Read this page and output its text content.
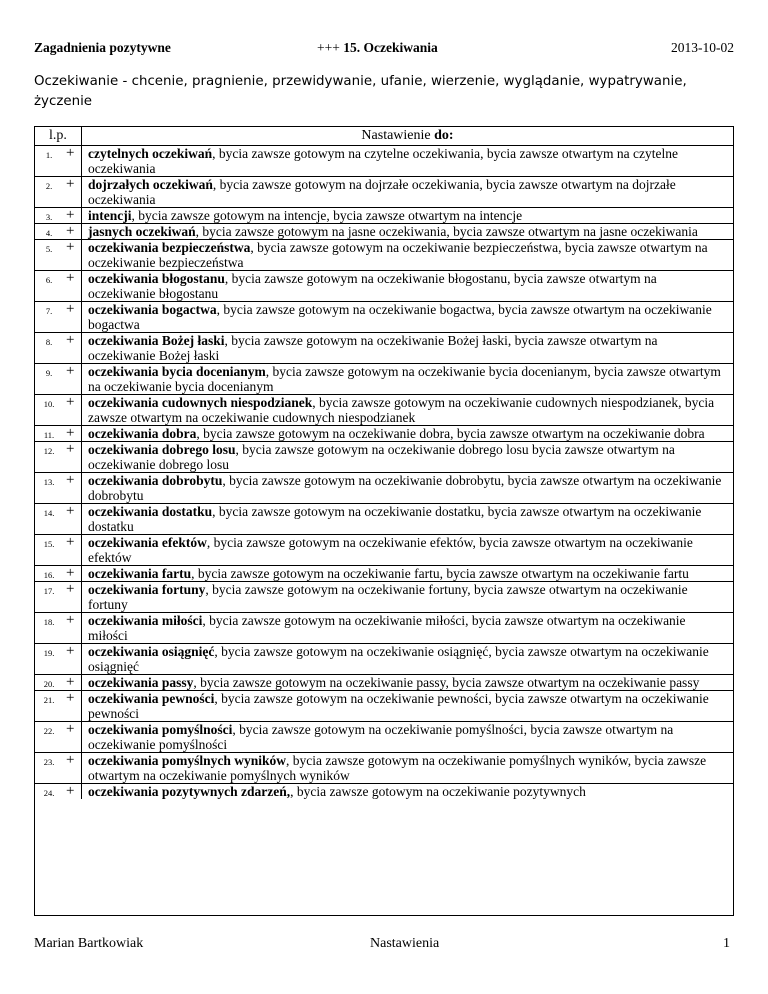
Zagadnienia pozytywne	+++ 15. Oczekiwania	2013-10-02
Oczekiwanie - chcenie, pragnienie, przewidywanie, ufanie, wierzenie, wyglądanie, wypatrywanie, życzenie
l.p.	Nastawienie do:
1. +	czytelnych oczekiwań, bycia zawsze gotowym na czytelne oczekiwania, bycia zawsze otwartym na czytelne oczekiwania
2. +	dojrzałych oczekiwań, bycia zawsze gotowym na dojrzałe oczekiwania, bycia zawsze otwartym na dojrzałe oczekiwania
3. +	intencji, bycia zawsze gotowym na intencje, bycia zawsze otwartym na intencje
4. +	jasnych oczekiwań, bycia zawsze gotowym na jasne oczekiwania, bycia zawsze otwartym na jasne oczekiwania
5. +	oczekiwania bezpieczeństwa, bycia zawsze gotowym na oczekiwanie bezpieczeństwa, bycia zawsze otwartym na oczekiwanie bezpieczeństwa
6. +	oczekiwania błogostanu, bycia zawsze gotowym na oczekiwanie błogostanu, bycia zawsze otwartym na oczekiwanie błogostanu
7. +	oczekiwania bogactwa, bycia zawsze gotowym na oczekiwanie bogactwa, bycia zawsze otwartym na oczekiwanie bogactwa
8. +	oczekiwania Bożej łaski, bycia zawsze gotowym na oczekiwanie Bożej łaski, bycia zawsze otwartym na oczekiwanie Bożej łaski
9. +	oczekiwania bycia docenianym, bycia zawsze gotowym na oczekiwanie bycia docenianym, bycia zawsze otwartym na oczekiwanie bycia docenianym
10. +	oczekiwania cudownych niespodzianek, bycia zawsze gotowym na oczekiwanie cudownych niespodzianek, bycia zawsze otwartym na oczekiwanie cudownych niespodzianek
11. +	oczekiwania dobra, bycia zawsze gotowym na oczekiwanie dobra, bycia zawsze otwartym na oczekiwanie dobra
12. +	oczekiwania dobrego losu, bycia zawsze gotowym na oczekiwanie dobrego losu bycia zawsze otwartym na oczekiwanie dobrego losu
13. +	oczekiwania dobrobytu, bycia zawsze gotowym na oczekiwanie dobrobytu, bycia zawsze otwartym na oczekiwanie dobrobytu
14. +	oczekiwania dostatku, bycia zawsze gotowym na oczekiwanie dostatku, bycia zawsze otwartym na oczekiwanie dostatku
15. +	oczekiwania efektów, bycia zawsze gotowym na oczekiwanie efektów, bycia zawsze otwartym na oczekiwanie efektów
16. +	oczekiwania fartu, bycia zawsze gotowym na oczekiwanie fartu, bycia zawsze otwartym na oczekiwanie fartu
17. +	oczekiwania fortuny, bycia zawsze gotowym na oczekiwanie fortuny, bycia zawsze otwartym na oczekiwanie fortuny
18. +	oczekiwania miłości, bycia zawsze gotowym na oczekiwanie miłości, bycia zawsze otwartym na oczekiwanie miłości
19. +	oczekiwania osiągnięć, bycia zawsze gotowym na oczekiwanie osiągnięć, bycia zawsze otwartym na oczekiwanie osiągnięć
20. +	oczekiwania passy, bycia zawsze gotowym na oczekiwanie passy, bycia zawsze otwartym na oczekiwanie passy
21. +	oczekiwania pewności, bycia zawsze gotowym na oczekiwanie pewności, bycia zawsze otwartym na oczekiwanie pewności
22. +	oczekiwania pomyślności, bycia zawsze gotowym na oczekiwanie pomyślności, bycia zawsze otwartym na oczekiwanie pomyślności
23. +	oczekiwania pomyślnych wyników, bycia zawsze gotowym na oczekiwanie pomyślnych wyników, bycia zawsze otwartym na oczekiwanie pomyślnych wyników
24. +	oczekiwania pozytywnych zdarzeń,, bycia zawsze gotowym na oczekiwanie pozytywnych
Marian Bartkowiak	Nastawienia	1
